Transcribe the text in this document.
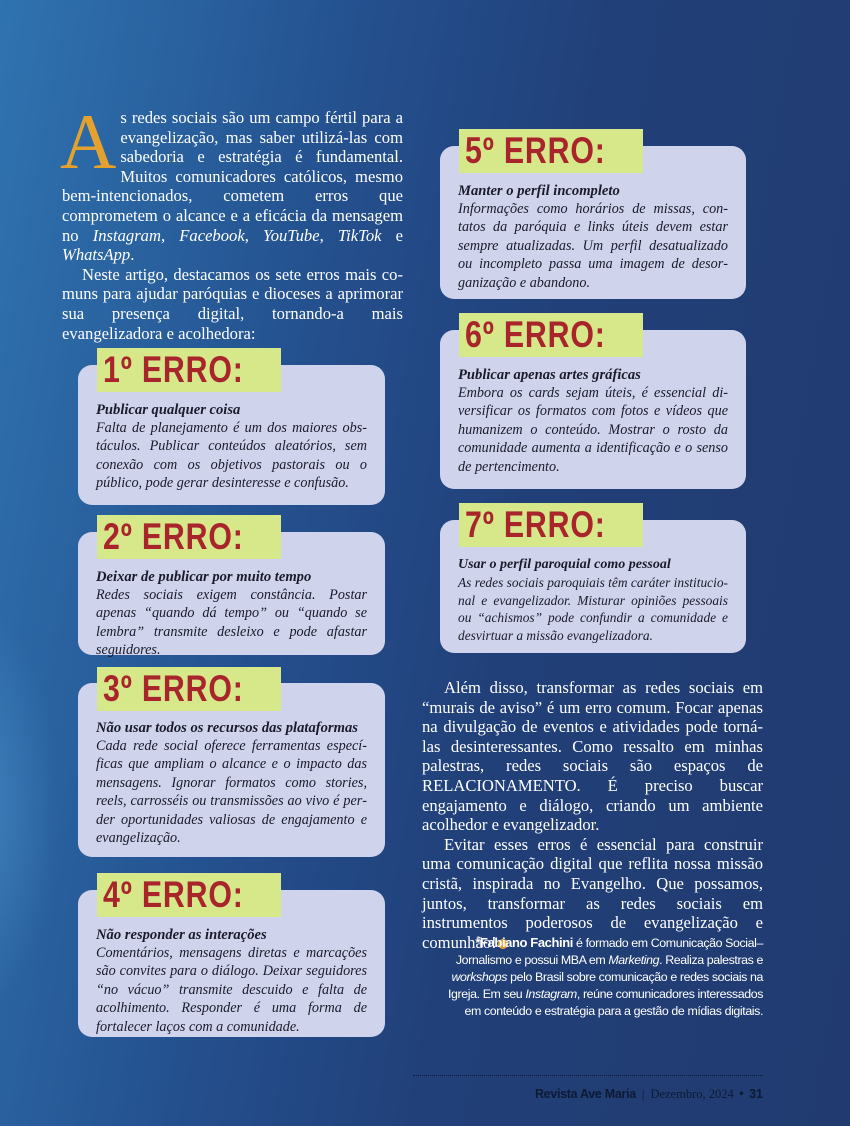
As redes sociais são um campo fértil para a evangelização, mas saber utilizá-las com sabedoria e estratégia é fundamental. Muitos comunicadores católicos, mesmo bem-intencionados, cometem erros que comprometem o alcance e a eficácia da mensagem no Instagram, Facebook, YouTube, TikTok e WhatsApp.

Neste artigo, destacamos os sete erros mais comuns para ajudar paróquias e dioceses a aprimorar sua presença digital, tornando-a mais evangelizadora e acolhedora:

Publicar qualquer coisa
Falta de planejamento é um dos maiores obstáculos. Publicar conteúdos aleatórios, sem conexão com os objetivos pastorais ou o público, pode gerar desinteresse e confusão.
1º ERRO:
Deixar de publicar por muito tempo
Redes sociais exigem constância. Postar apenas “quando dá tempo” ou “quando se lembra” transmite desleixo e pode afastar seguidores.
2º ERRO:
Não usar todos os recursos das plataformas
Cada rede social oferece ferramentas específicas que ampliam o alcance e o impacto das mensagens. Ignorar formatos como stories, reels, carrosséis ou transmissões ao vivo é perder oportunidades valiosas de engajamento e evangelização.
3º ERRO:
Não responder as interações
Comentários, mensagens diretas e marcações são convites para o diálogo. Deixar seguidores “no vácuo” transmite descuido e falta de acolhimento. Responder é uma forma de fortalecer laços com a comunidade.
4º ERRO:
Manter o perfil incompleto
Informações como horários de missas, contatos da paróquia e links úteis devem estar sempre atualizadas. Um perfil desatualizado ou incompleto passa uma imagem de desorganização e abandono.
5º ERRO:
Publicar apenas artes gráficas
Embora os cards sejam úteis, é essencial diversificar os formatos com fotos e vídeos que humanizem o conteúdo. Mostrar o rosto da comunidade aumenta a identificação e o senso de pertencimento.
6º ERRO:
Usar o perfil paroquial como pessoal
As redes sociais paroquiais têm caráter institucional e evangelizador. Misturar opiniões pessoais ou “achismos” pode confundir a comunidade e desvirtuar a missão evangelizadora.
7º ERRO:

Além disso, transformar as redes sociais em “murais de aviso” é um erro comum. Focar apenas na divulgação de eventos e atividades pode torná-las desinteressantes. Como ressalto em minhas palestras, redes sociais são espaços de RELACIONAMENTO. É preciso buscar engajamento e diálogo, criando um ambiente acolhedor e evangelizador.

Evitar esses erros é essencial para construir uma comunicação digital que reflita nossa missão cristã, inspirada no Evangelho. Que possamos, juntos, transformar as redes sociais em instrumentos poderosos de evangelização e comunhão!

*Fabiano Fachini é formado em Comunicação Social–Jornalismo e possui MBA em Marketing. Realiza palestras e workshops pelo Brasil sobre comunicação e redes sociais na Igreja. Em seu Instagram, reúne comunicadores interessados em conteúdo e estratégia para a gestão de mídias digitais.
Revista Ave Maria | Dezembro, 2024 • 31
